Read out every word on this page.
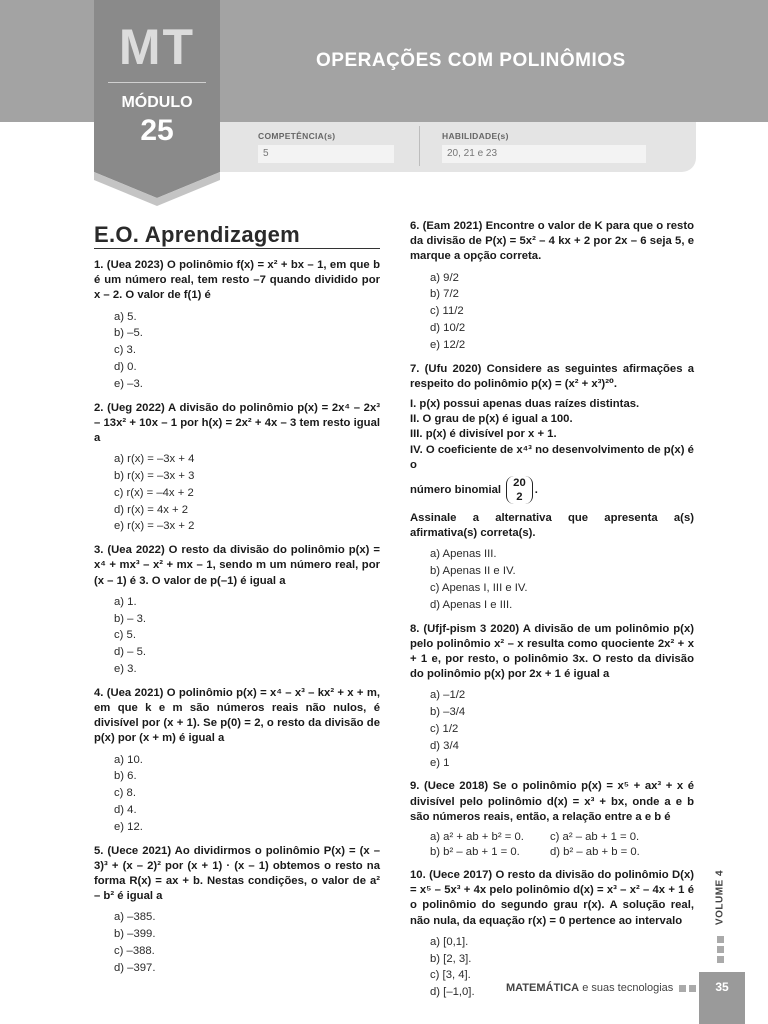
OPERAÇÕES COM POLINÔMIOS
MT
MÓDULO
25	COMPETÊNCIA(s)
5
HABILIDADE(s)
20, 21 e 23
E.O. Aprendizagem
1. (Uea 2023) O polinômio f(x) = x² + bx – 1, em que b é um número real, tem resto –7 quando dividido por x – 2. O valor de f(1) é
a) 5.
b) –5.
c) 3.
d) 0.
e) –3.
2. (Ueg 2022) A divisão do polinômio p(x) = 2x⁴ – 2x³ – 13x² + 10x – 1 por h(x) = 2x² + 4x – 3 tem resto igual a
a) r(x) = –3x + 4
b) r(x) = –3x + 3
c) r(x) = –4x + 2
d) r(x) = 4x + 2
e) r(x) = –3x + 2
3. (Uea 2022) O resto da divisão do polinômio p(x) = x⁴ + mx³ – x² + mx – 1, sendo m um número real, por (x – 1) é 3. O valor de p(–1) é igual a
a) 1.
b) – 3.
c) 5.
d) – 5.
e) 3.
4. (Uea 2021) O polinômio p(x) = x⁴ – x³ – kx² + x + m, em que k e m são números reais não nulos, é divisível por (x + 1). Se p(0) = 2, o resto da divisão de p(x) por (x + m) é igual a
a) 10.
b) 6.
c) 8.
d) 4.
e) 12.
5. (Uece 2021) Ao dividirmos o polinômio P(x) = (x – 3)³ + (x – 2)² por (x + 1) · (x – 1) obtemos o resto na forma R(x) = ax + b. Nestas condições, o valor de a² – b² é igual a
a) –385.
b) –399.
c) –388.
d) –397.
6. (Eam 2021) Encontre o valor de K para que o resto da divisão de P(x) = 5x² – 4 kx + 2 por 2x – 6 seja 5, e marque a opção correta.
a) 9/2
b) 7/2
c) 11/2
d) 10/2
e) 12/2
7. (Ufu 2020) Considere as seguintes afirmações a respeito do polinômio p(x) = (x² + x³)²⁰.
I. p(x) possui apenas duas raízes distintas.
II. O grau de p(x) é igual a 100.
III. p(x) é divisível por x + 1.
IV. O coeficiente de x⁴³ no desenvolvimento de p(x) é o
número binomial
20
2
.
Assinale a alternativa que apresenta a(s) afirmativa(s) correta(s).
a) Apenas III.
b) Apenas II e IV.
c) Apenas I, III e IV.
d) Apenas I e III.
8. (Ufjf-pism 3 2020) A divisão de um polinômio p(x) pelo polinômio x² – x resulta como quociente 2x² + x + 1 e, por resto, o polinômio 3x. O resto da divisão do polinômio p(x) por 2x + 1 é igual a
a) –1/2
b) –3/4
c) 1/2
d) 3/4
e) 1
9. (Uece 2018) Se o polinômio p(x) = x⁵ + ax³ + x é divisível pelo polinômio d(x) = x³ + bx, onde a e b são números reais, então, a relação entre a e b é
a) a² + ab + b² = 0.	c) a² – ab + 1 = 0.
b) b² – ab + 1 = 0.	d) b² – ab + b = 0.
10. (Uece 2017) O resto da divisão do polinômio D(x) = x⁵ – 5x³ + 4x pelo polinômio d(x) = x³ – x² – 4x + 1 é o polinômio do segundo grau r(x). A solução real, não nula, da equação r(x) = 0 pertence ao intervalo
a) [0,1].
b) [2, 3].
c) [3, 4].
d) [–1,0].
VOLUME 4
MATEMÁTICA e suas tecnologias	35
